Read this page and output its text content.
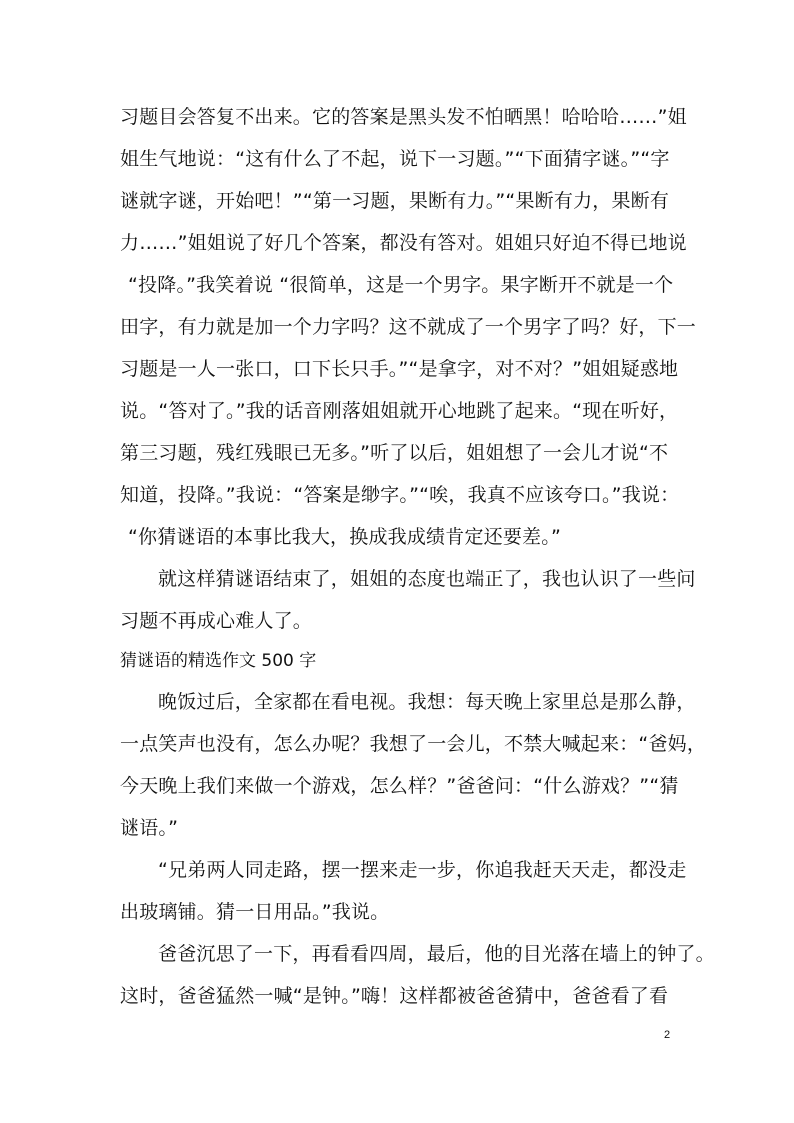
习题目会答复不出来。它的答案是黑头发不怕晒黑！哈哈哈……”姐
姐生气地说：“这有什么了不起，说下一习题。”“下面猜字谜。”“字
谜就字谜，开始吧！”“第一习题，果断有力。”“果断有力，果断有
力……”姐姐说了好几个答案，都没有答对。姐姐只好迫不得已地说
“投降。”我笑着说 “很简单，这是一个男字。果字断开不就是一个
田字，有力就是加一个力字吗？这不就成了一个男字了吗？好，下一
习题是一人一张口，口下长只手。”“是拿字，对不对？”姐姐疑惑地
说。“答对了。”我的话音刚落姐姐就开心地跳了起来。“现在听好，
第三习题，残红残眼已无多。”听了以后，姐姐想了一会儿才说“不
知道，投降。”我说：“答案是缈字。”“唉，我真不应该夸口。”我说：
“你猜谜语的本事比我大，换成我成绩肯定还要差。”
就这样猜谜语结束了，姐姐的态度也端正了，我也认识了一些问
习题不再成心难人了。
猜谜语的精选作文 500 字
晚饭过后，全家都在看电视。我想：每天晚上家里总是那么静，
一点笑声也没有，怎么办呢？我想了一会儿，不禁大喊起来：“爸妈，
今天晚上我们来做一个游戏，怎么样？”爸爸问：“什么游戏？”“猜
谜语。”
“兄弟两人同走路，摆一摆来走一步，你追我赶天天走，都没走
出玻璃铺。猜一日用品。”我说。
爸爸沉思了一下，再看看四周，最后，他的目光落在墙上的钟了。
这时，爸爸猛然一喊“是钟。”嗨！这样都被爸爸猜中，爸爸看了看
2
